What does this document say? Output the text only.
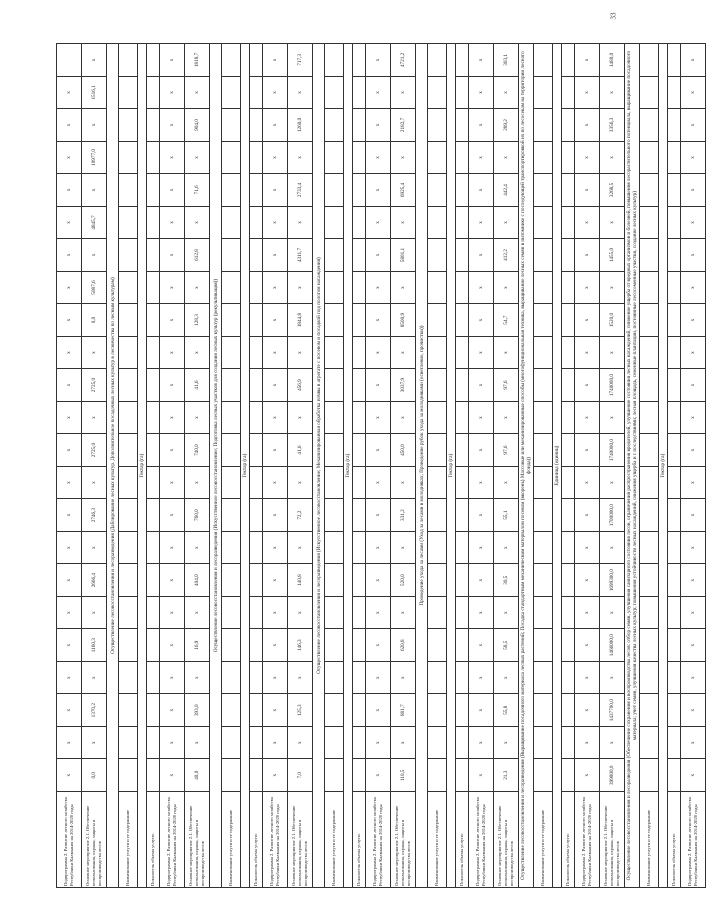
Подпрограмма 2. Развитие лесного хозяйства Республики Калмыкия на 2014-2020 годы	x	x	x	x	x	x	x	x	x	x	x	x	x	x	x	x	x	x	x	x	x	x	
Основное мероприятие 2.1. Обеспечение использования, охраны, защиты и воспроизводства лесов	0,0	x	1370,2	x	1160,3	x	2666,4	x	2746,3	x	2725,0	x	2725,0	x	0,0	5087,6	x	4845,7	x	10977,0	x	1516,1	x
Осуществление лесовосстановления и лесоразведения (Даблирование лесных культур. Дополнительное посадочных лесных культур в лесничества по лесным культурам)																							
Наименование услуги и ее содержание																							
Гектар (га)																							
Показатель объема услуги:																							
Подпрограмма 2. Развитие лесного хозяйства Республики Калмыкия на 2014-2020 годы	x	x	x	x	x	x	x	x	x	x	x	x	x	x	x	x	x	x	x	x	x	x	x
Основное мероприятие 2.1. Обеспечение использования, охраны, защиты и воспроизводства лесов	40,0	x	393,0	x	16,9	x	404,0	x	760,0	x	740,0	x	41,6	x	128,3	x	612,8	x	71,6	x	904,0	x	1818,7
Осуществление лесовосстановления и лесоразведения (Искусственное лесовосстановление; Подготовка лесных участков для создания лесных культур (рекультивация))																							
Наименование услуги и ее содержание																							
Гектар (га)																							
Показатель объема услуги:																							
Подпрограмма 2. Развитие лесного хозяйства Республики Калмыкия на 2014-2020 годы	x	x	x	x	x	x	x	x	x	x	x	x	x	x	x	x	x	x	x	x	x	x	x
Основное мероприятие 2.1. Обеспечение использования, охраны, защиты и воспроизводства лесов	7,0	x	125,3	x	146,3	x	140,8	x	72,2	x	41,6	x	456,9	x	1844,8	x	4311,7	x	2733,4	x	1260,0	x	717,3
Осуществление лесовосстановления и лесоразведения (Искусственное лесовосстановление; Механизированная обработка почвы в агрегате с посевом и посадкой под пологом насаждения)																							
Наименование услуги и ее содержание																							
Гектар (га)																							
Показатель объема услуги:																							
Подпрограмма 2. Развитие лесного хозяйства Республики Калмыкия на 2014-2020 годы	x	x	x	x	x	x	x	x	x	x	x	x	x	x	x	x	x	x	x	x	x	x	x
Основное мероприятие 2.1. Обеспечение использования, охраны, защиты и воспроизводства лесов	110,5	x	881,7	x	620,8	x	520,0	x	331,2	x	450,0	x	3037,9	x	8500,9	x	5801,1	x	6925,4	x	2182,7	x	4721,2
Проведение ухода за лесами (Уход за лесами в молодняках; Проведение рубок ухода за молодняками (осветление, прочистки))																							
Наименование услуги и ее содержание																							
Гектар (га)																							
Показатель объема услуги:																							
Подпрограмма 2. Развитие лесного хозяйства Республики Калмыкия на 2014-2020 годы	x	x	x	x	x	x	x	x	x	x	x	x	x	x	x	x	x	x	x	x	x	x	x
Основное мероприятие 2.1. Обеспечение использования, охраны, защиты и воспроизводства лесов	21,3	x	55,8	x	58,5	x	30,5	x	55,1	x	97,6	x	97,6	x	54,7	x	412,2	x	442,4	x	289,2	x	303,1
Осуществление лесовосстановления и лесоразведения (Выращивание посадочного материала лесных растений; Посадка стандартным механическим материалом посевом (вкорень) Массовые или механизированные способы (многофункциональная техника, выращивание лесных семян в питомнике с последующей транспортировкой их по лесосекам на территории лесного фонда))																							
Наименование услуги и ее содержание																							
Единица (единиц)																							
Показатель объема услуги:																							
Подпрограмма 2. Развитие лесного хозяйства Республики Калмыкия на 2014-2020 годы	x	x	x	x	x	x	x	x	x	x	x	x	x	x	x	x	x	x	x	x	x	x	x
Основное мероприятие 2.1. Обеспечение использования, охраны, защиты и воспроизводства лесов	399000,0	x	1437700,0	x	1466000,0	x	1699300,0	x	1700000,0	x	1740000,0	x	1740000,0	x	1520,0	x	1455,0	x	3268,5	x	3356,3	x	1480,0
Осуществление лесовосстановления и лесоразведения (Обеспечение сохранения и воспроизводства лесов: отбор семян, улучшения санитарного состояния лесов, ограничения распространения вредителей, улучшение состояния лесных насаждений, снижение ущерба от вредных организмов и болезней, повышения лесорастительного потенциала, выращивание посадочного материала; учет семян, улучшения качества лесных культур; повышения устойчивости лесных насаждений, снижения ущерба и с последствиями; лесная площадь, семенные плантации, постоянные лесосеменные участки, создание лесных культур)																							
Наименование услуги и ее содержание																							
Гектар (га)																							
Показатель объема услуги:																							
Подпрограмма 2. Развитие лесного хозяйства Республики Калмыкия на 2014-2020 годы	x	x	x	x	x	x	x	x	x	x	x	x	x	x	x	x	x	x	x	x	x	x	x
33
